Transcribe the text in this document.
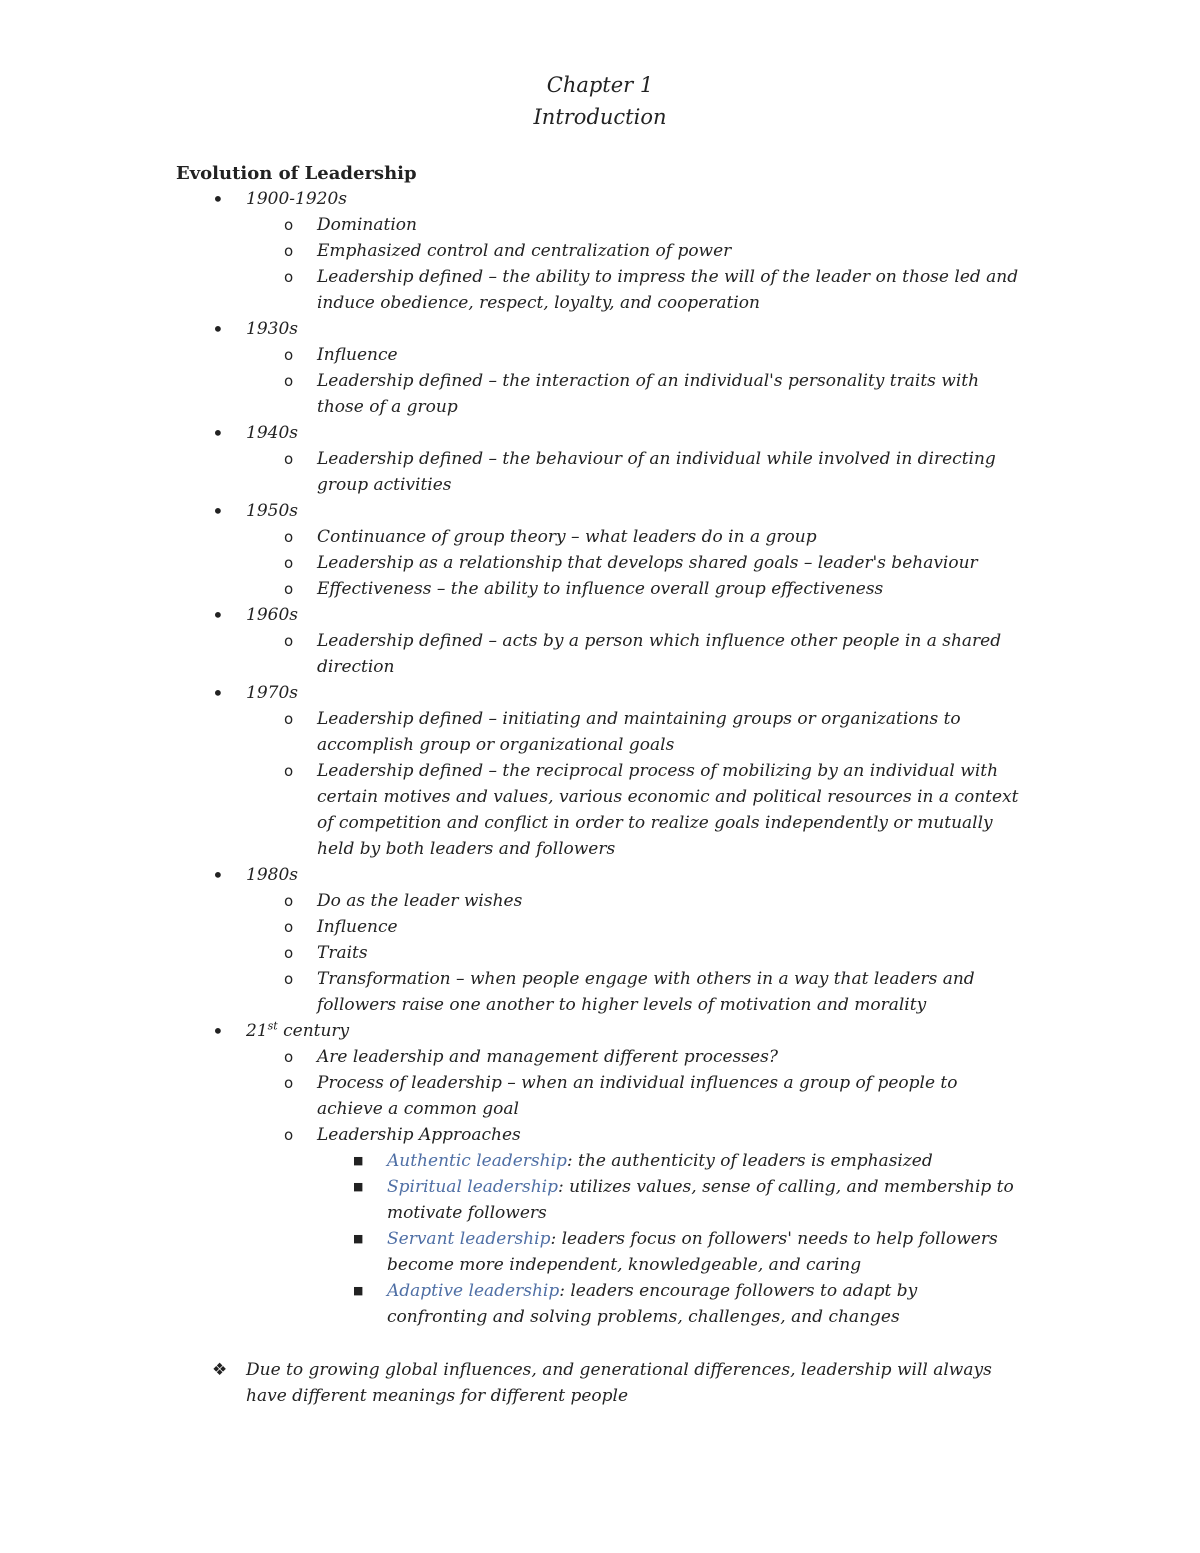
Chapter 1
Introduction
Evolution of Leadership
• 1900-1920s
o Domination
o Emphasized control and centralization of power
o Leadership defined – the ability to impress the will of the leader on those led and induce obedience, respect, loyalty, and cooperation
• 1930s
o Influence
o Leadership defined – the interaction of an individual's personality traits with those of a group
• 1940s
o Leadership defined – the behaviour of an individual while involved in directing group activities
• 1950s
o Continuance of group theory – what leaders do in a group
o Leadership as a relationship that develops shared goals – leader's behaviour
o Effectiveness – the ability to influence overall group effectiveness
• 1960s
o Leadership defined – acts by a person which influence other people in a shared direction
• 1970s
o Leadership defined – initiating and maintaining groups or organizations to accomplish group or organizational goals
o Leadership defined – the reciprocal process of mobilizing by an individual with certain motives and values, various economic and political resources in a context of competition and conflict in order to realize goals independently or mutually held by both leaders and followers
• 1980s
o Do as the leader wishes
o Influence
o Traits
o Transformation – when people engage with others in a way that leaders and followers raise one another to higher levels of motivation and morality
• 21st century
o Are leadership and management different processes?
o Process of leadership – when an individual influences a group of people to achieve a common goal
o Leadership Approaches
■ Authentic leadership: the authenticity of leaders is emphasized
■ Spiritual leadership: utilizes values, sense of calling, and membership to motivate followers
■ Servant leadership: leaders focus on followers' needs to help followers become more independent, knowledgeable, and caring
■ Adaptive leadership: leaders encourage followers to adapt by confronting and solving problems, challenges, and changes
❖ Due to growing global influences, and generational differences, leadership will always have different meanings for different people
